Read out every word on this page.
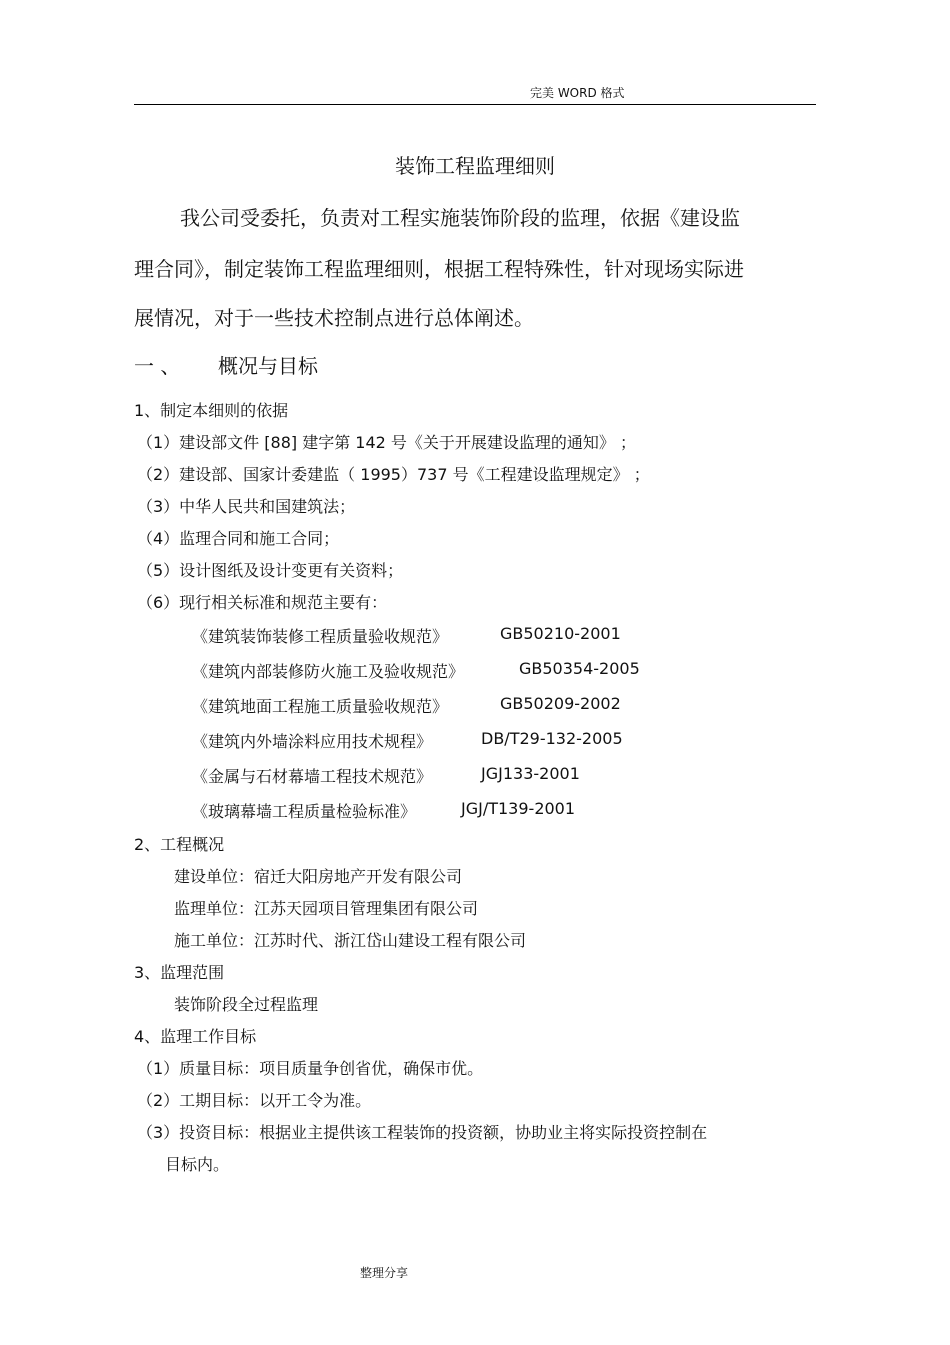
完美 WORD 格式
装饰工程监理细则
我公司受委托，负责对工程实施装饰阶段的监理，依据《建设监
理合同》，制定装饰工程监理细则，根据工程特殊性，针对现场实际进
展情况，对于一些技术控制点进行总体阐述。
一 、 概况与目标
1、制定本细则的依据
（1）建设部文件 [88] 建字第 142 号《关于开展建设监理的通知》 ；
（2）建设部、国家计委建监（ 1995）737 号《工程建设监理规定》 ；
（3）中华人民共和国建筑法；
（4）监理合同和施工合同；
（5）设计图纸及设计变更有关资料；
（6）现行相关标准和规范主要有：
《建筑装饰装修工程质量验收规范》	GB50210-2001
《建筑内部装修防火施工及验收规范》	GB50354-2005
《建筑地面工程施工质量验收规范》	GB50209-2002
《建筑内外墙涂料应用技术规程》	DB/T29-132-2005
《金属与石材幕墙工程技术规范》	JGJ133-2001
《玻璃幕墙工程质量检验标准》	JGJ/T139-2001
2、工程概况
建设单位：宿迁大阳房地产开发有限公司
监理单位：江苏天园项目管理集团有限公司
施工单位：江苏时代、浙江岱山建设工程有限公司
3、监理范围
装饰阶段全过程监理
4、监理工作目标
（1）质量目标：项目质量争创省优，确保市优。
（2）工期目标：以开工令为准。
（3）投资目标：根据业主提供该工程装饰的投资额，协助业主将实际投资控制在
目标内。
整理分享
